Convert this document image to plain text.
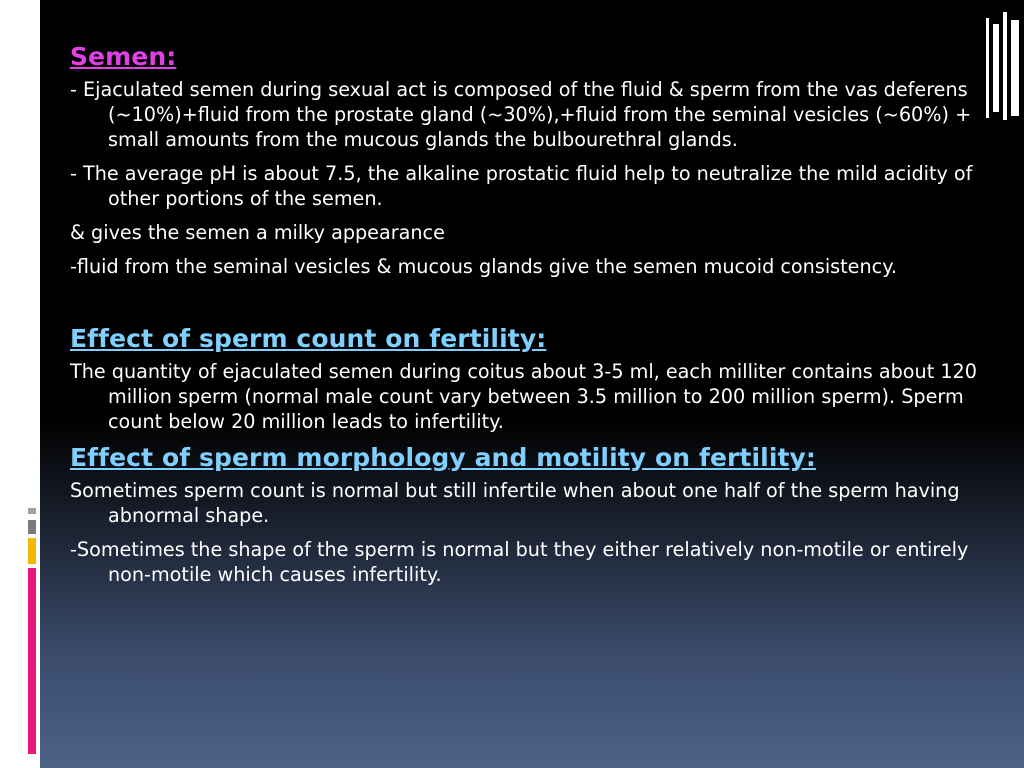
Semen:

- Ejaculated semen during sexual act is composed of the fluid & sperm from the vas deferens (~10%)+fluid from the prostate gland (~30%),+fluid from the seminal vesicles (~60%) + small amounts from the mucous glands the bulbourethral glands.

- The average pH is about 7.5, the alkaline prostatic fluid help to neutralize the mild acidity of other portions of the semen.

& gives the semen a milky appearance

-fluid from the seminal vesicles & mucous glands give the semen mucoid consistency.

Effect of sperm count on fertility:

The quantity of ejaculated semen during coitus about 3-5 ml, each milliter contains about 120 million sperm (normal male count vary between 3.5 million to 200 million sperm). Sperm count below 20 million leads to infertility.

Effect of sperm morphology and motility on fertility:

Sometimes sperm count is normal but still infertile when about one half of the sperm having abnormal shape.

-Sometimes the shape of the sperm is normal but they either relatively non-motile or entirely non-motile which causes infertility.
